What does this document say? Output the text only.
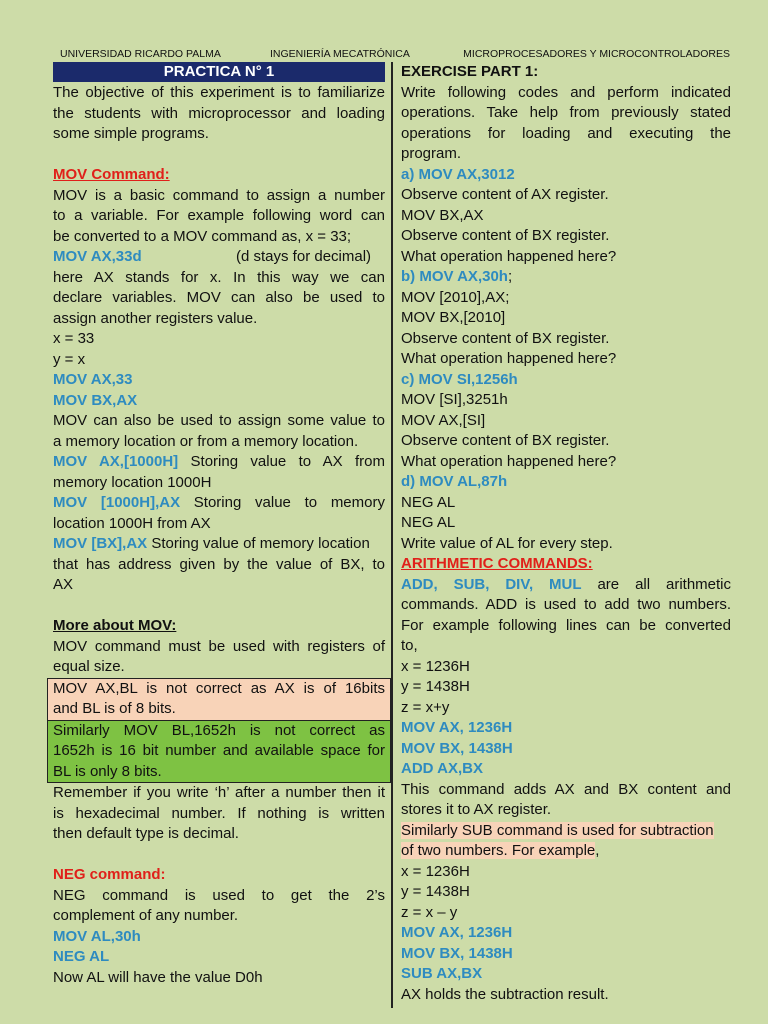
UNIVERSIDAD RICARDO PALMA	INGENIERÍA MECATRÓNICA	MICROPROCESADORES Y MICROCONTROLADORES
PRACTICA N° 1
The objective of this experiment is to familiarize
the students with microprocessor and loading
some simple programs.
MOV Command:
MOV is a basic command to assign a number
to a variable. For example following word can
be converted to a MOV command as, x = 33;
MOV AX,33d	(d stays for decimal)
here AX stands for x. In this way we can
declare variables. MOV can also be used to
assign another registers value.
x = 33
y = x
MOV AX,33
MOV BX,AX
MOV can also be used to assign some value to
a memory location or from a memory location.
MOV AX,[1000H] Storing value to AX from
memory location 1000H
MOV [1000H],AX Storing value to memory
location 1000H from AX
MOV [BX],AX Storing value of memory location
that has address given by the value of BX, to
AX
More about MOV:
MOV command must be used with registers of
equal size.
MOV AX,BL is not correct as AX is of 16bits
and BL is of 8 bits.
Similarly MOV BL,1652h is not correct as
1652h is 16 bit number and available space for
BL is only 8 bits.
Remember if you write ‘h’ after a number then it
is hexadecimal number. If nothing is written
then default type is decimal.
NEG command:
NEG command is used to get the 2’s
complement of any number.
MOV AL,30h
NEG AL
Now AL will have the value D0h
EXERCISE PART 1:
Write following codes and perform indicated
operations. Take help from previously stated
operations for loading and executing the
program.
a) MOV AX,3012
Observe content of AX register.
MOV BX,AX
Observe content of BX register.
What operation happened here?
b) MOV AX,30h;
MOV [2010],AX;
MOV BX,[2010]
Observe content of BX register.
What operation happened here?
c) MOV SI,1256h
MOV [SI],3251h
MOV AX,[SI]
Observe content of BX register.
What operation happened here?
d) MOV AL,87h
NEG AL
NEG AL
Write value of AL for every step.
ARITHMETIC COMMANDS:
ADD, SUB, DIV, MUL are all arithmetic
commands. ADD is used to add two numbers.
For example following lines can be converted
to,
x = 1236H
y = 1438H
z = x+y
MOV AX, 1236H
MOV BX, 1438H
ADD AX,BX
This command adds AX and BX content and
stores it to AX register.
Similarly SUB command is used for subtraction
of two numbers. For example,
x = 1236H
y = 1438H
z = x – y
MOV AX, 1236H
MOV BX, 1438H
SUB AX,BX
AX holds the subtraction result.
